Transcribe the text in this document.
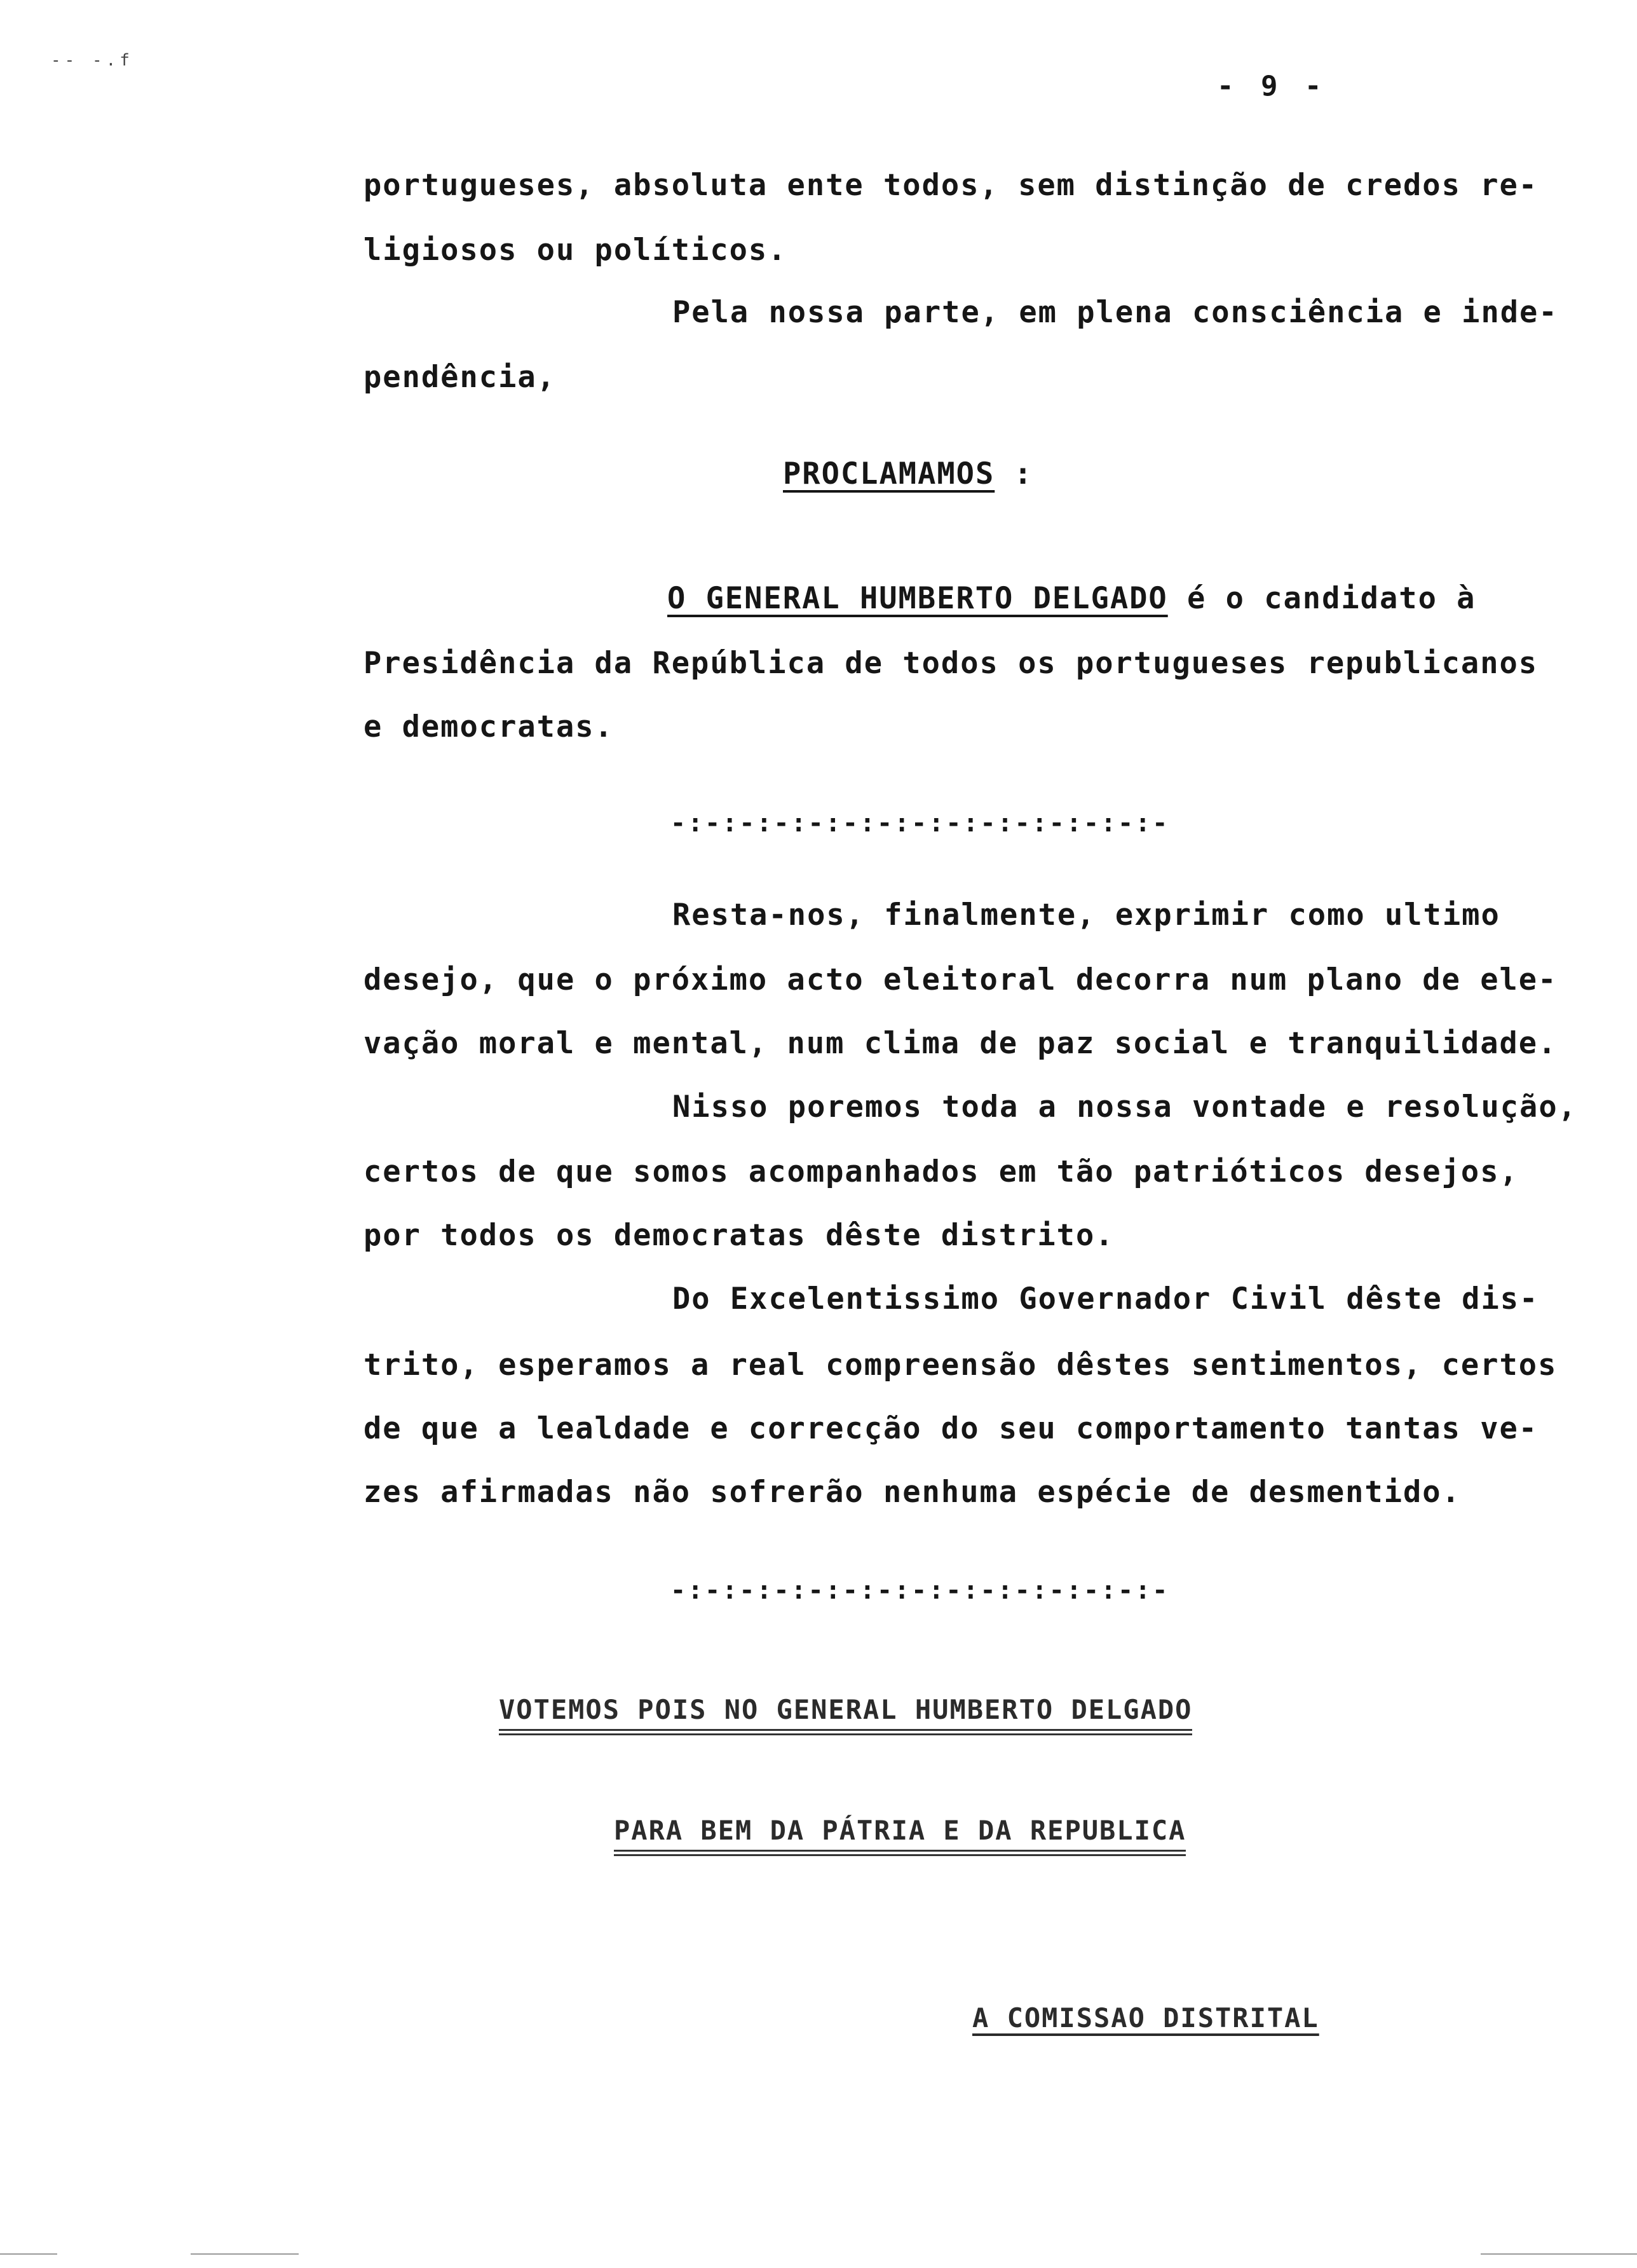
-- -.f
- 9 -
portugueses, absoluta ente todos, sem distinção de credos re-
ligiosos ou políticos.
Pela nossa parte, em plena consciência e inde-
pendência,
PROCLAMAMOS :
O GENERAL HUMBERTO DELGADO é o candidato à
Presidência da República de todos os portugueses republicanos
e democratas.
-:-:-:-:-:-:-:-:-:-:-:-:-:-:-
Resta-nos, finalmente, exprimir como ultimo
desejo, que o próximo acto eleitoral decorra num plano de ele-
vação moral e mental, num clima de paz social e tranquilidade.
Nisso poremos toda a nossa vontade e resolução,
certos de que somos acompanhados em tão patrióticos desejos,
por todos os democratas dêste distrito.
Do Excelentissimo Governador Civil dêste dis-
trito, esperamos a real compreensão dêstes sentimentos, certos
de que a lealdade e correcção do seu comportamento tantas ve-
zes afirmadas não sofrerão nenhuma espécie de desmentido.
-:-:-:-:-:-:-:-:-:-:-:-:-:-:-
VOTEMOS POIS NO GENERAL HUMBERTO DELGADO
PARA BEM DA PÁTRIA E DA REPUBLICA
A COMISSAO DISTRITAL
